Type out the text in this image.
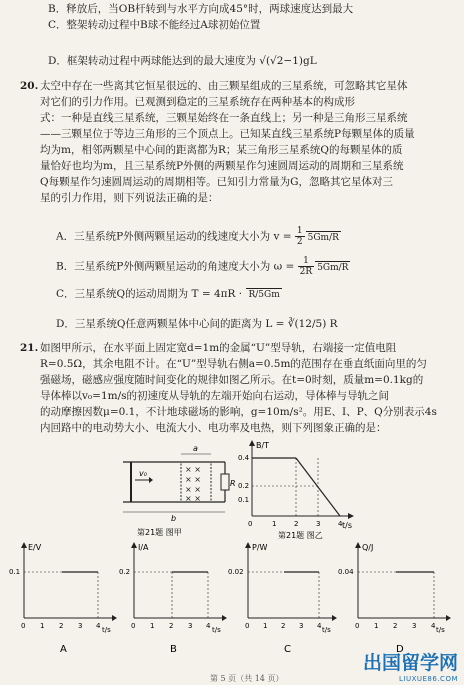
B．释放后，当OB杆转到与水平方向成45°时，两球速度达到最大
C．整架转动过程中B球不能经过A球初始位置
D．框架转动过程中两球能达到的最大速度为 √(√2−1)gL
20. 太空中存在一些离其它恒星很远的、由三颗星组成的三星系统，可忽略其它星体
对它们的引力作用。已观测到稳定的三星系统存在两种基本的构成形
式：一种是直线三星系统，三颗星始终在一条直线上；另一种是三角形三星系统
——三颗星位于等边三角形的三个顶点上。已知某直线三星系统P每颗星体的质量
均为m，相邻两颗星中心间的距离都为R；某三角形三星系统Q的每颗星体的质
量恰好也均为m，且三星系统P外侧的两颗星作匀速圆周运动的周期和三星系统
Q每颗星作匀速圆周运动的周期相等。已知引力常量为G，忽略其它星体对三
星的引力作用，则下列说法正确的是：
A．三星系统P外侧两颗星运动的线速度大小为 $v = \frac{1}{2} 5Gm/R$
B．三星系统P外侧两颗星运动的角速度大小为 $\omega = \frac{1}{2R} 5Gm/R$
C．三星系统Q的运动周期为 T = 4πR · R/5Gm
D．三星系统Q任意两颗星体中心间的距离为 L = ∛(12/5) R
21. 如图甲所示，在水平面上固定宽d=1m的金属“U”型导轨，右端接一定值电阻
R=0.5Ω，其余电阻不计。在“U”型导轨右侧a=0.5m的范围存在垂直纸面向里的匀
强磁场，磁感应强度随时间变化的规律如图乙所示。在t=0时刻，质量m=0.1kg的
导体棒以v₀=1m/s的初速度从导轨的左端开始向右运动，导体棒与导轨之间
的动摩擦因数μ=0.1，不计地球磁场的影响，g=10m/s²。用E、I、P、Q分别表示4s
内回路中的电动势大小、电流大小、电功率及电热，则下列图象正确的是：
× ×
× ×
× ×
× ×
v₀
a
b
R
第21题 图甲
B/T
t/s
0.4
0.2
0.1
0	1	2	3	4
第21题 图乙
E/V
0.1
t/s
0 1 2 3 4
A
I/A
0.2
t/s
0 1 2 3 4
B
P/W
0.02
t/s
0 1 2 3 4
C
Q/J
0.04
t/s
0 1 2 3 4
D
第 5 页（共 14 页）
出国留学网
LIUXUE86.COM
